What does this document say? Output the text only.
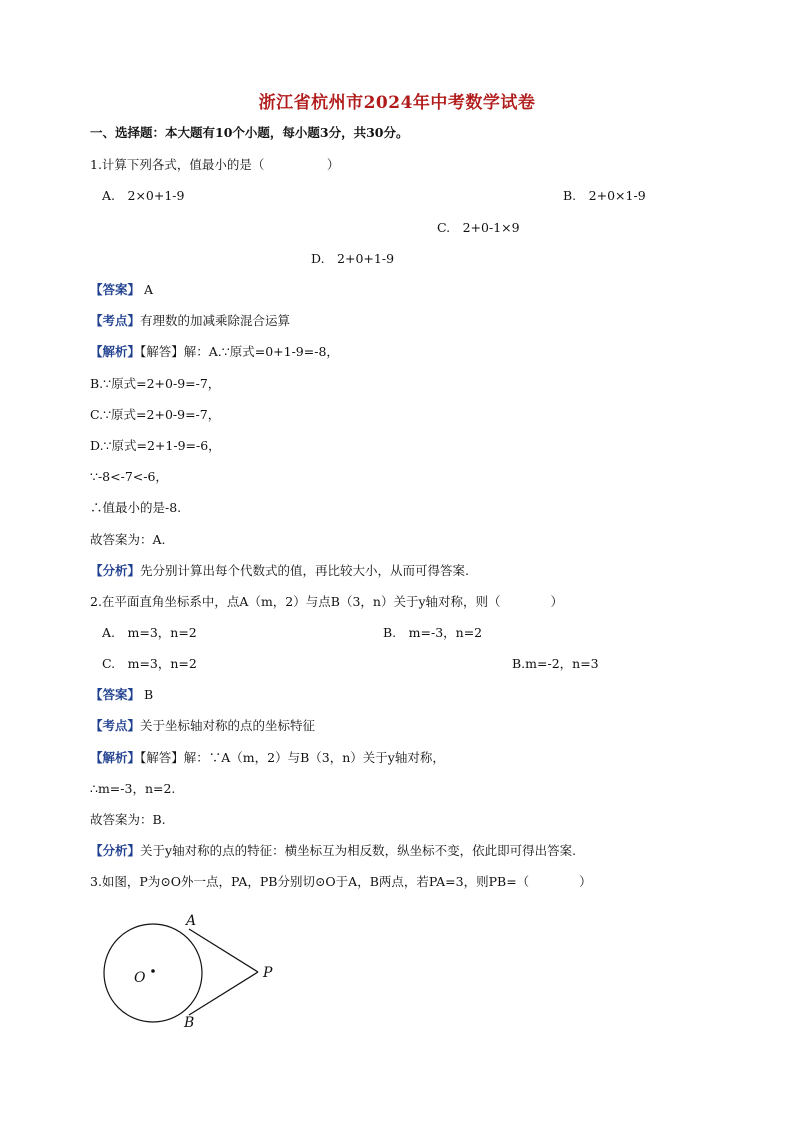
浙江省杭州市2024年中考数学试卷
一、选择题：本大题有10个小题，每小题3分，共30分。
1.计算下列各式，值最小的是（　　　　　）
A.　2×0+1-9	B.　2+0×1-9
C.　2+0-1×9
D.　2+0+1-9
【答案】 A
【考点】有理数的加减乘除混合运算
【解析】【解答】解：A.∵原式=0+1-9=-8，
B.∵原式=2+0-9=-7，
C.∵原式=2+0-9=-7，
D.∵原式=2+1-9=-6，
∵-8<-7<-6，
∴值最小的是-8.
故答案为：A.
【分析】先分别计算出每个代数式的值，再比较大小，从而可得答案.
2.在平面直角坐标系中，点A（m，2）与点B（3，n）关于y轴对称，则（　　　　）
A.　m=3，n=2	B.　m=-3，n=2
C.　m=3，n=2	B.m=-2，n=3
【答案】 B
【考点】关于坐标轴对称的点的坐标特征
【解析】【解答】解：∵A（m，2）与B（3，n）关于y轴对称，
∴m=-3，n=2.
故答案为：B.
【分析】关于y轴对称的点的特征：横坐标互为相反数，纵坐标不变，依此即可得出答案.
3.如图，P为⊙O外一点，PA，PB分别切⊙O于A，B两点，若PA=3，则PB=（　　　　）
A
B
O	P
